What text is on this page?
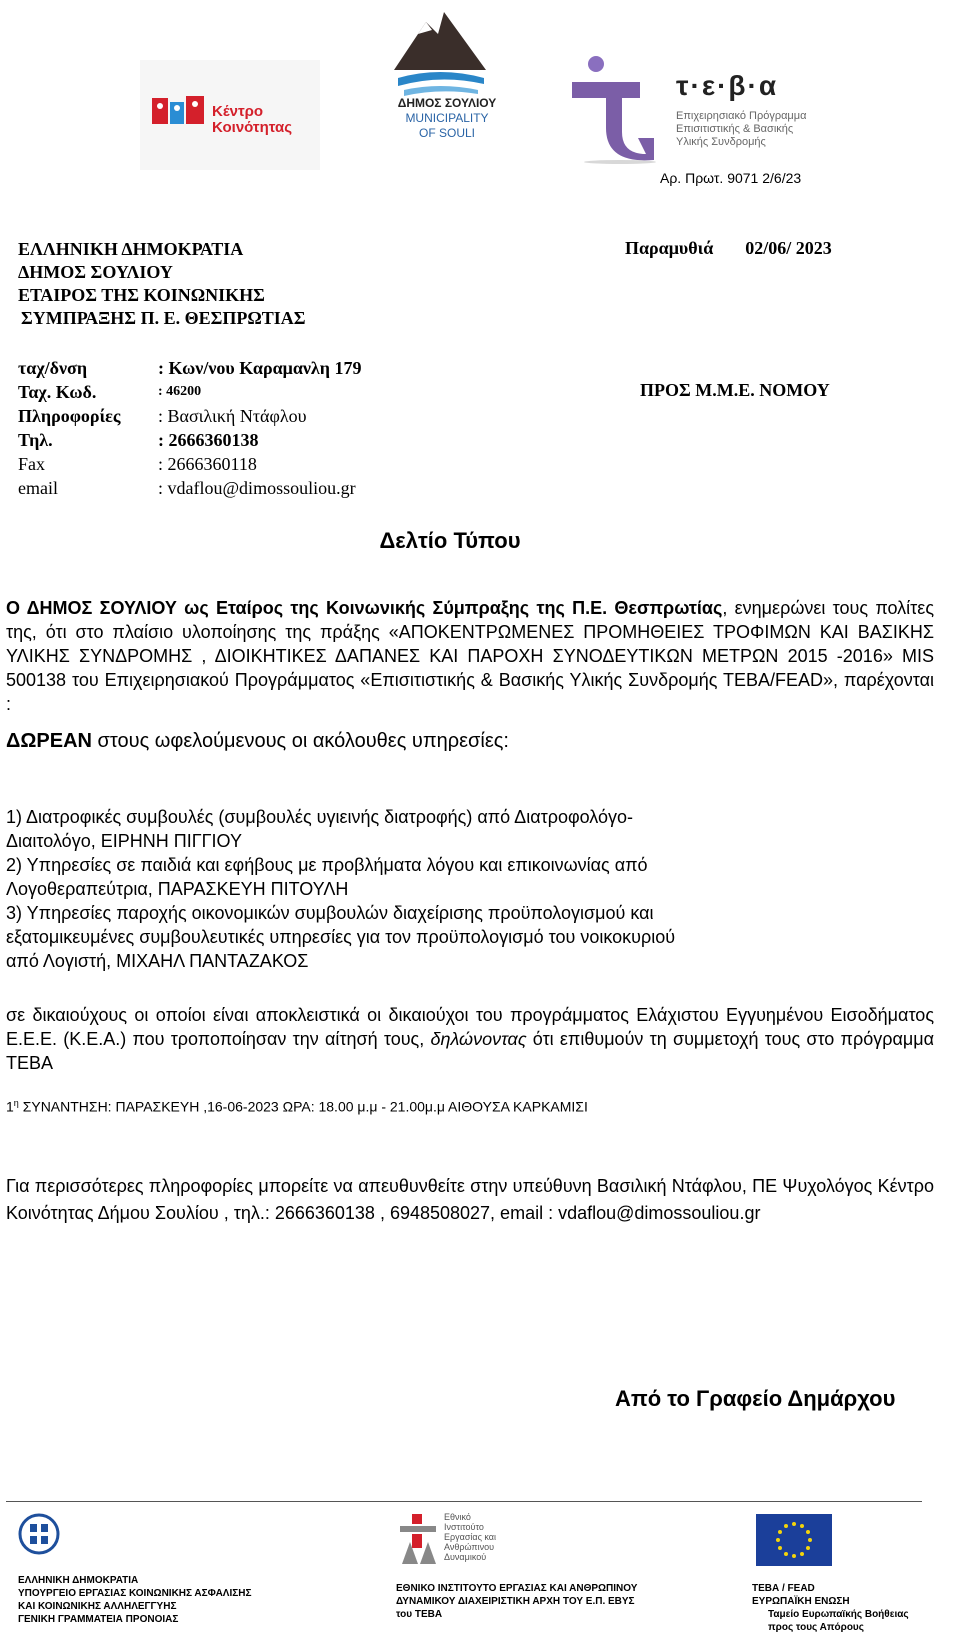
Κέντρο
Κοινότητας
ΔΗΜΟΣ ΣΟΥΛΙΟΥ
MUNICIPALITY
OF SOULI
τ·ε·β·α
Επιχειρησιακό Πρόγραμμα
Επισιτιστικής & Βασικής
Υλικής Συνδρομής
Αρ. Πρωτ. 9071 2/6/23
ΕΛΛΗΝΙΚΗ ΔΗΜΟΚΡΑΤΙΑ
ΔΗΜΟΣ ΣΟΥΛΙΟΥ
ΕΤΑΙΡΟΣ ΤΗΣ ΚΟΙΝΩΝΙΚΗΣ
ΣΥΜΠΡΑΞΗΣ Π. Ε. ΘΕΣΠΡΩΤΙΑΣ
Παραμυθιά 02/06/ 2023
ταχ/δνση	: Κων/νου Καραμανλη 179
Ταχ. Κωδ.	: 46200
Πληροφορίες : Βασιλική Ντάφλου
Τηλ.	: 2666360138
Fax	: 2666360118
email	: vdaflou@dimossouliou.gr
ΠΡΟΣ Μ.Μ.Ε. ΝΟΜΟΥ
Δελτίο Τύπου
Ο ΔΗΜΟΣ ΣΟΥΛΙΟΥ ως Εταίρος της Κοινωνικής Σύμπραξης της Π.Ε. Θεσπρωτίας, ενημερώνει τους πολίτες της, ότι στο πλαίσιο υλοποίησης της πράξης «ΑΠΟΚΕΝΤΡΩΜΕΝΕΣ ΠΡΟΜΗΘΕΙΕΣ ΤΡΟΦΙΜΩΝ ΚΑΙ ΒΑΣΙΚΗΣ ΥΛΙΚΗΣ ΣΥΝΔΡΟΜΗΣ , ΔΙΟΙΚΗΤΙΚΕΣ ΔΑΠΑΝΕΣ ΚΑΙ ΠΑΡΟΧΗ ΣΥΝΟΔΕΥΤΙΚΩΝ ΜΕΤΡΩΝ 2015 -2016» MIS 500138 του Επιχειρησιακού Προγράμματος «Επισιτιστικής & Βασικής Υλικής Συνδρομής ΤΕΒΑ/FEAD», παρέχονται :
ΔΩΡΕΑΝ στους ωφελούμενους οι ακόλουθες υπηρεσίες:
1) Διατροφικές συμβουλές (συμβουλές υγιεινής διατροφής) από Διατροφολόγο-
Διαιτολόγο, ΕΙΡΗΝΗ ΠΙΓΓΙΟΥ
2) Υπηρεσίες σε παιδιά και εφήβους με προβλήματα λόγου και επικοινωνίας από
Λογοθεραπεύτρια, ΠΑΡΑΣΚΕΥΗ ΠΙΤΟΥΛΗ
3) Υπηρεσίες παροχής οικονομικών συμβουλών διαχείρισης προϋπολογισμού και
εξατομικευμένες συμβουλευτικές υπηρεσίες για τον προϋπολογισμό του νοικοκυριού
από Λογιστή, ΜΙΧΑΗΛ ΠΑΝΤΑΖΑΚΟΣ
σε δικαιούχους οι οποίοι είναι αποκλειστικά οι δικαιούχοι του προγράμματος Ελάχιστου Εγγυημένου Εισοδήματος Ε.Ε.Ε. (Κ.Ε.Α.) που τροποποίησαν την αίτησή τους, δηλώνοντας ότι επιθυμούν τη συμμετοχή τους στο πρόγραμμα ΤΕΒΑ
$1^\eta$ ΣΥΝΑΝΤΗΣΗ: ΠΑΡΑΣΚΕΥΗ ,16-06-2023 ΩΡΑ: 18.00 μ.μ - 21.00μ.μ ΑΙΘΟΥΣΑ ΚΑΡΚΑΜΙΣΙ
Για περισσότερες πληροφορίες μπορείτε να απευθυνθείτε στην υπεύθυνη Βασιλική Ντάφλου, ΠΕ Ψυχολόγος Κέντρο Κοινότητας Δήμου Σουλίου , τηλ.: 2666360138 , 6948508027, email : vdaflou@dimossouliou.gr
Από το Γραφείο Δημάρχου
ΕΛΛΗΝΙΚΗ ΔΗΜΟΚΡΑΤΙΑ
ΥΠΟΥΡΓΕΙΟ ΕΡΓΑΣΙΑΣ ΚΟΙΝΩΝΙΚΗΣ ΑΣΦΑΛΙΣΗΣ
ΚΑΙ ΚΟΙΝΩΝΙΚΗΣ ΑΛΛΗΛΕΓΓΥΗΣ
ΓΕΝΙΚΗ ΓΡΑΜΜΑΤΕΙΑ ΠΡΟΝΟΙΑΣ
Εθνικό
Ινστιτούτο
Εργασίας και
Ανθρώπινου
Δυναμικού
ΕΘΝΙΚΟ ΙΝΣΤΙΤΟΥΤΟ ΕΡΓΑΣΙΑΣ ΚΑΙ ΑΝΘΡΩΠΙΝΟΥ
ΔΥΝΑΜΙΚΟΥ ΔΙΑΧΕΙΡΙΣΤΙΚΗ ΑΡΧΗ ΤΟΥ Ε.Π. ΕΒΥΣ
του ΤΕΒΑ
ΤΕΒΑ / FEAD
ΕΥΡΩΠΑΪΚΗ ΕΝΩΣΗ
Ταμείο Ευρωπαϊκής Βοήθειας
προς τους Απόρους
